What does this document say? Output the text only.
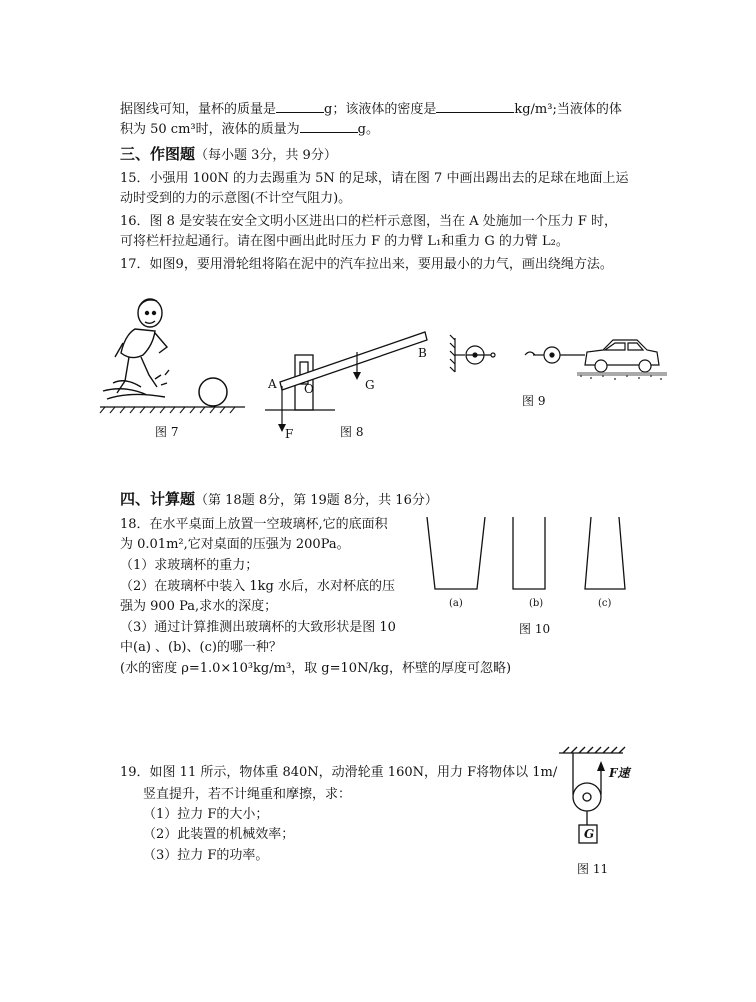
据图线可知，量杯的质量是	g；该液体的密度是	kg/m³;当液体的体
积为 50 cm³时，液体的质量为	g。
三、作图题（每小题 3分，共 9分）
15．小强用 100N 的力去踢重为 5N 的足球，请在图 7 中画出踢出去的足球在地面上运
动时受到的力的示意图(不计空气阻力)。
16．图 8 是安装在安全文明小区进出口的栏杆示意图，当在 A 处施加一个压力 F 时，
可将栏杆拉起通行。请在图中画出此时压力 F 的力臂 L₁和重力 G 的力臂 L₂。
17．如图9，要用滑轮组将陷在泥中的汽车拉出来，要用最小的力气，画出绕绳方法。
图 7
A
B
O	G
F	图 8
图 9
四、计算题（第 18题 8分，第 19题 8分，共 16分）
18．在水平桌面上放置一空玻璃杯,它的底面积
为 0.01m²,它对桌面的压强为 200Pa。
（1）求玻璃杯的重力；
（2）在玻璃杯中装入 1kg 水后，水对杯底的压
强为 900 Pa,求水的深度；
（3）通过计算推测出玻璃杯的大致形状是图 10
中(a) 、(b)、(c)的哪一种？
(水的密度 ρ=1.0×10³kg/m³，取 g=10N/kg，杯壁的厚度可忽略)
(a)	(b)	(c)
图 10
19．如图 11 所示，物体重 840N，动滑轮重 160N，用力 F将物体以 1m/
竖直提升，若不计绳重和摩擦，求：
（1）拉力 F的大小；
（2）此装置的机械效率；
（3）拉力 F的功率。
F速
G
图 11
